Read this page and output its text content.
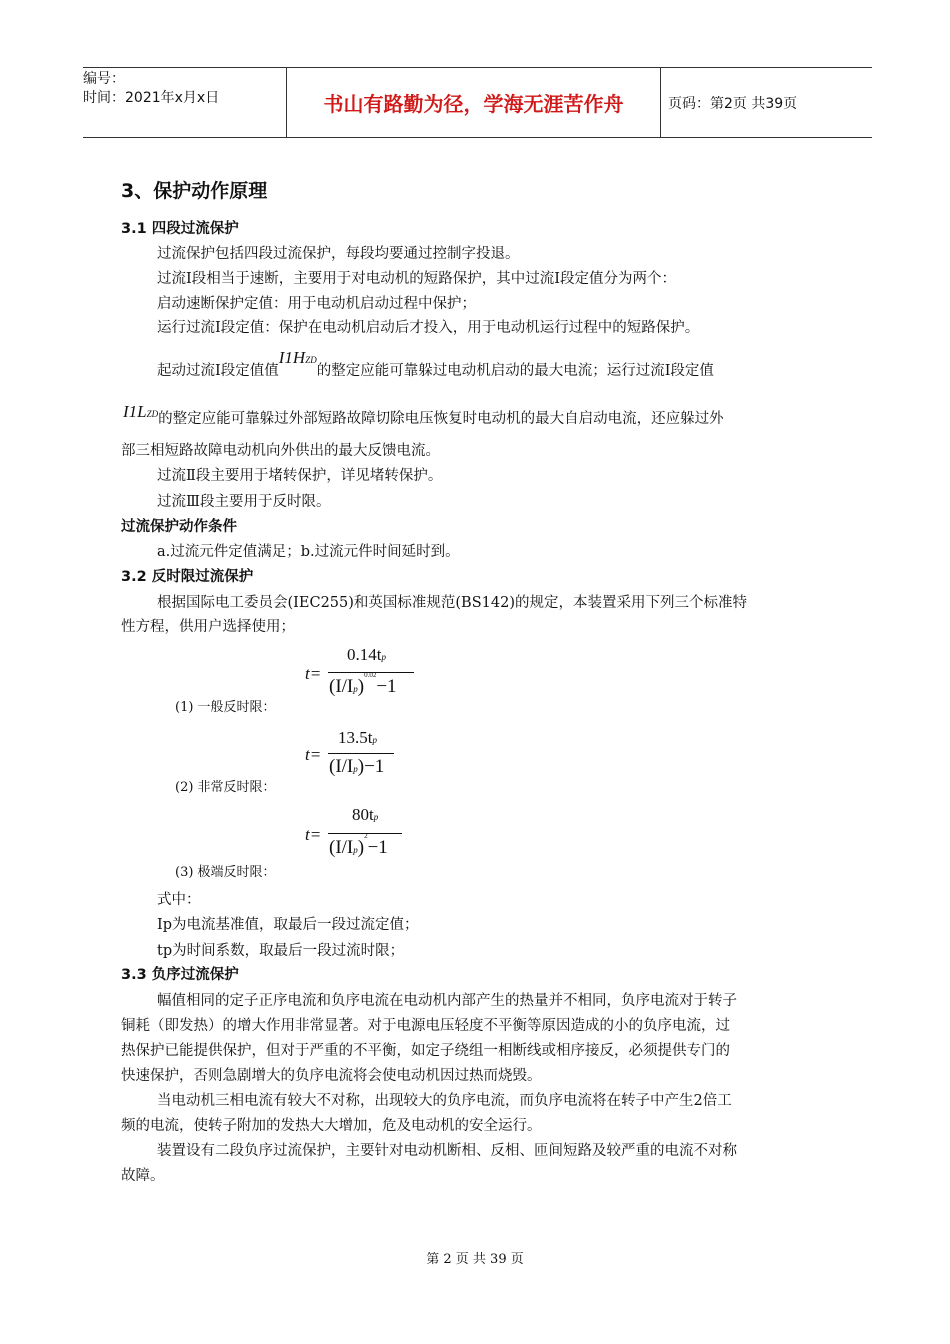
编号：
时间：2021年x月x日	书山有路勤为径，学海无涯苦作舟	页码：第2页 共39页
3、保护动作原理
3.1 四段过流保护
过流保护包括四段过流保护，每段均要通过控制字投退。
过流Ⅰ段相当于速断，主要用于对电动机的短路保护，其中过流Ⅰ段定值分为两个：
启动速断保护定值：用于电动机启动过程中保护；
运行过流Ⅰ段定值：保护在电动机启动后才投入，用于电动机运行过程中的短路保护。
起动过流Ⅰ段定值值I1HZD的整定应能可靠躲过电动机启动的最大电流；运行过流Ⅰ段定值
I1LZD的整定应能可靠躲过外部短路故障切除电压恢复时电动机的最大自启动电流，还应躲过外
部三相短路故障电动机向外供出的最大反馈电流。
过流Ⅱ段主要用于堵转保护，详见堵转保护。
过流Ⅲ段主要用于反时限。
过流保护动作条件
a.过流元件定值满足；b.过流元件时间延时到。
3.2 反时限过流保护
根据国际电工委员会(IEC255)和英国标准规范(BS142)的规定，本装置采用下列三个标准特
性方程，供用户选择使用；
(1) 一般反时限：
t=
0.14tp
$(I/Ip)^{0.02}-1$
(2) 非常反时限：
t=
13.5tp
(I/Ip)−1
(3) 极端反时限：
t=
80tp
$(I/Ip)^2-1$
式中：
Ip为电流基准值，取最后一段过流定值；
tp为时间系数，取最后一段过流时限；
3.3 负序过流保护
幅值相同的定子正序电流和负序电流在电动机内部产生的热量并不相同，负序电流对于转子
铜耗（即发热）的增大作用非常显著。对于电源电压轻度不平衡等原因造成的小的负序电流，过
热保护已能提供保护，但对于严重的不平衡，如定子绕组一相断线或相序接反，必须提供专门的
快速保护，否则急剧增大的负序电流将会使电动机因过热而烧毁。
当电动机三相电流有较大不对称，出现较大的负序电流，而负序电流将在转子中产生2倍工
频的电流，使转子附加的发热大大增加，危及电动机的安全运行。
装置设有二段负序过流保护，主要针对电动机断相、反相、匝间短路及较严重的电流不对称
故障。
第 2 页 共 39 页
